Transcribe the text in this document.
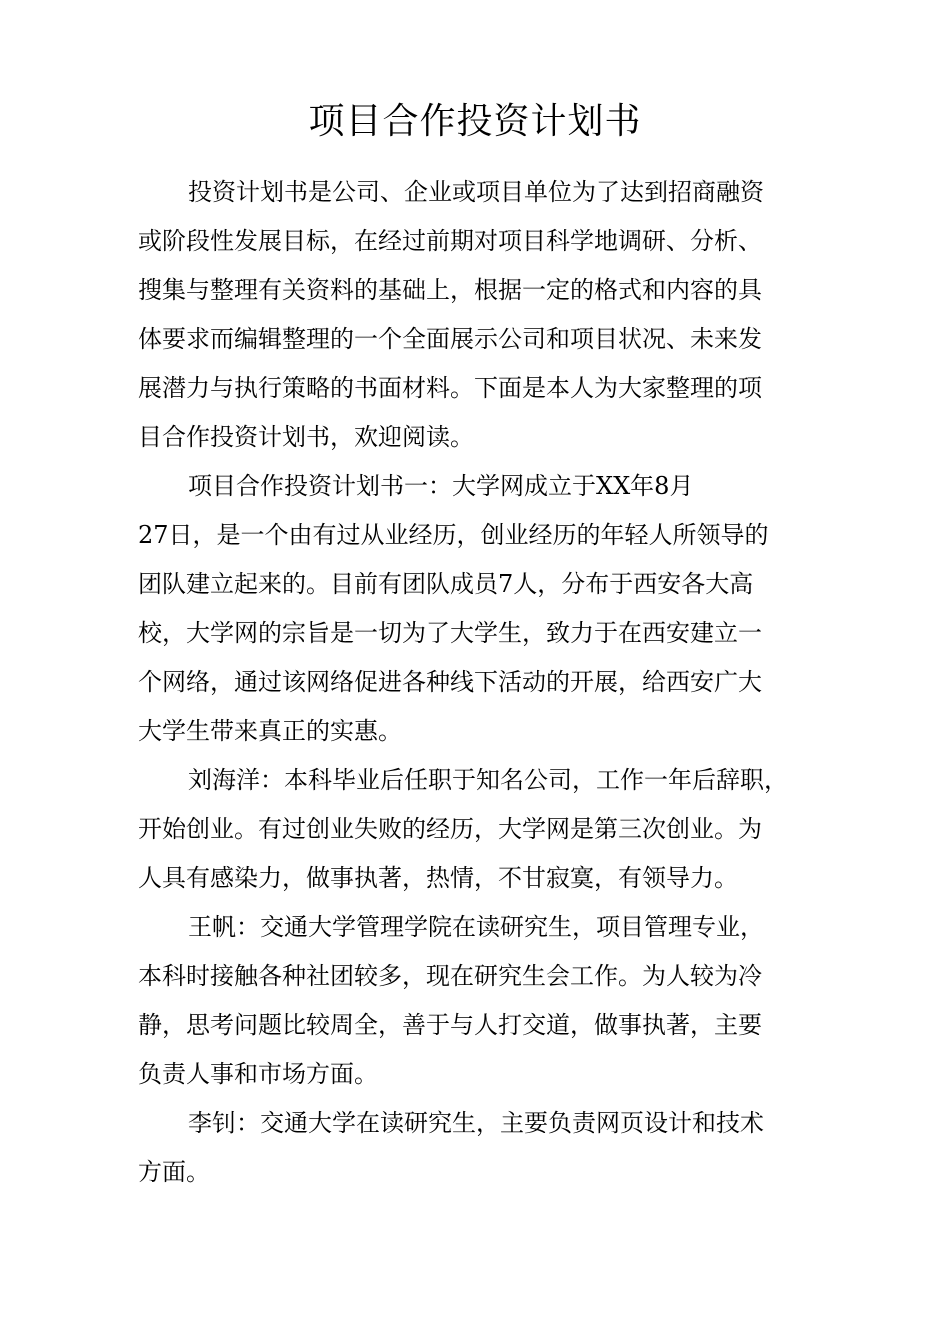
项目合作投资计划书

投资计划书是公司、企业或项目单位为了达到招商融资
或阶段性发展目标，在经过前期对项目科学地调研、分析、
搜集与整理有关资料的基础上，根据一定的格式和内容的具
体要求而编辑整理的一个全面展示公司和项目状况、未来发
展潜力与执行策略的书面材料。下面是本人为大家整理的项
目合作投资计划书，欢迎阅读。

项目合作投资计划书一：大学网成立于XX年8月
27日，是一个由有过从业经历，创业经历的年轻人所领导的
团队建立起来的。目前有团队成员7人，分布于西安各大高
校，大学网的宗旨是一切为了大学生，致力于在西安建立一
个网络，通过该网络促进各种线下活动的开展，给西安广大
大学生带来真正的实惠。

刘海洋：本科毕业后任职于知名公司，工作一年后辞职，
开始创业。有过创业失败的经历，大学网是第三次创业。为
人具有感染力，做事执著，热情，不甘寂寞，有领导力。

王帆：交通大学管理学院在读研究生，项目管理专业，
本科时接触各种社团较多，现在研究生会工作。为人较为冷
静，思考问题比较周全，善于与人打交道，做事执著，主要
负责人事和市场方面。

李钊：交通大学在读研究生，主要负责网页设计和技术
方面。
